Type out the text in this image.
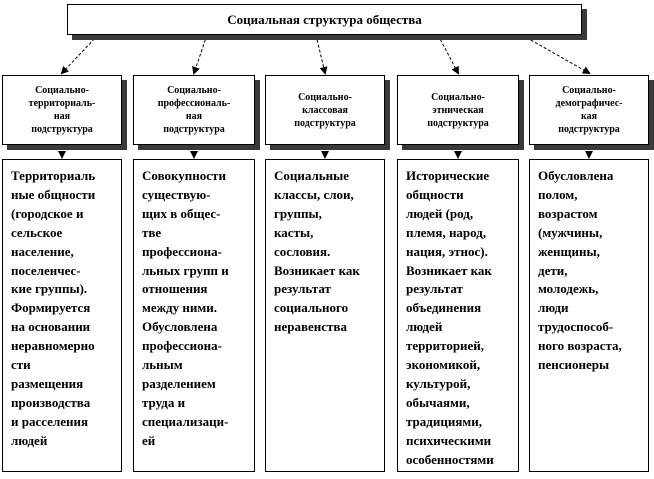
Социальная структура общества
Социально-
территориаль-
ная
подструктура
Социально-
профессиональ-
ная
подструктура
Социально-
классовая
подструктура
Социально-
этническая
подструктура
Социально-
демографичес-
кая
подструктура
Территориаль
ные общности
(городское и
сельское
население,
поселенчес-
кие группы).
Формируется
на основании
неравномерно
сти
размещения
производства
и расселения
людей
Совокупности
существую-
щих в общес-
тве
профессиона-
льных групп и
отношения
между ними.
Обусловлена
профессиона-
льным
разделением
труда и
специализаци-
ей
Социальные
классы, слои,
группы,
касты,
сословия.
Возникает как
результат
социального
неравенства
Исторические
общности
людей (род,
племя, народ,
нация, этнос).
Возникает как
результат
объединения
людей
территорией,
экономикой,
культурой,
обычаями,
традициями,
психическими
особенностями
Обусловлена
полом,
возрастом
(мужчины,
женщины,
дети,
молодежь,
люди
трудоспособ-
ного возраста,
пенсионеры
